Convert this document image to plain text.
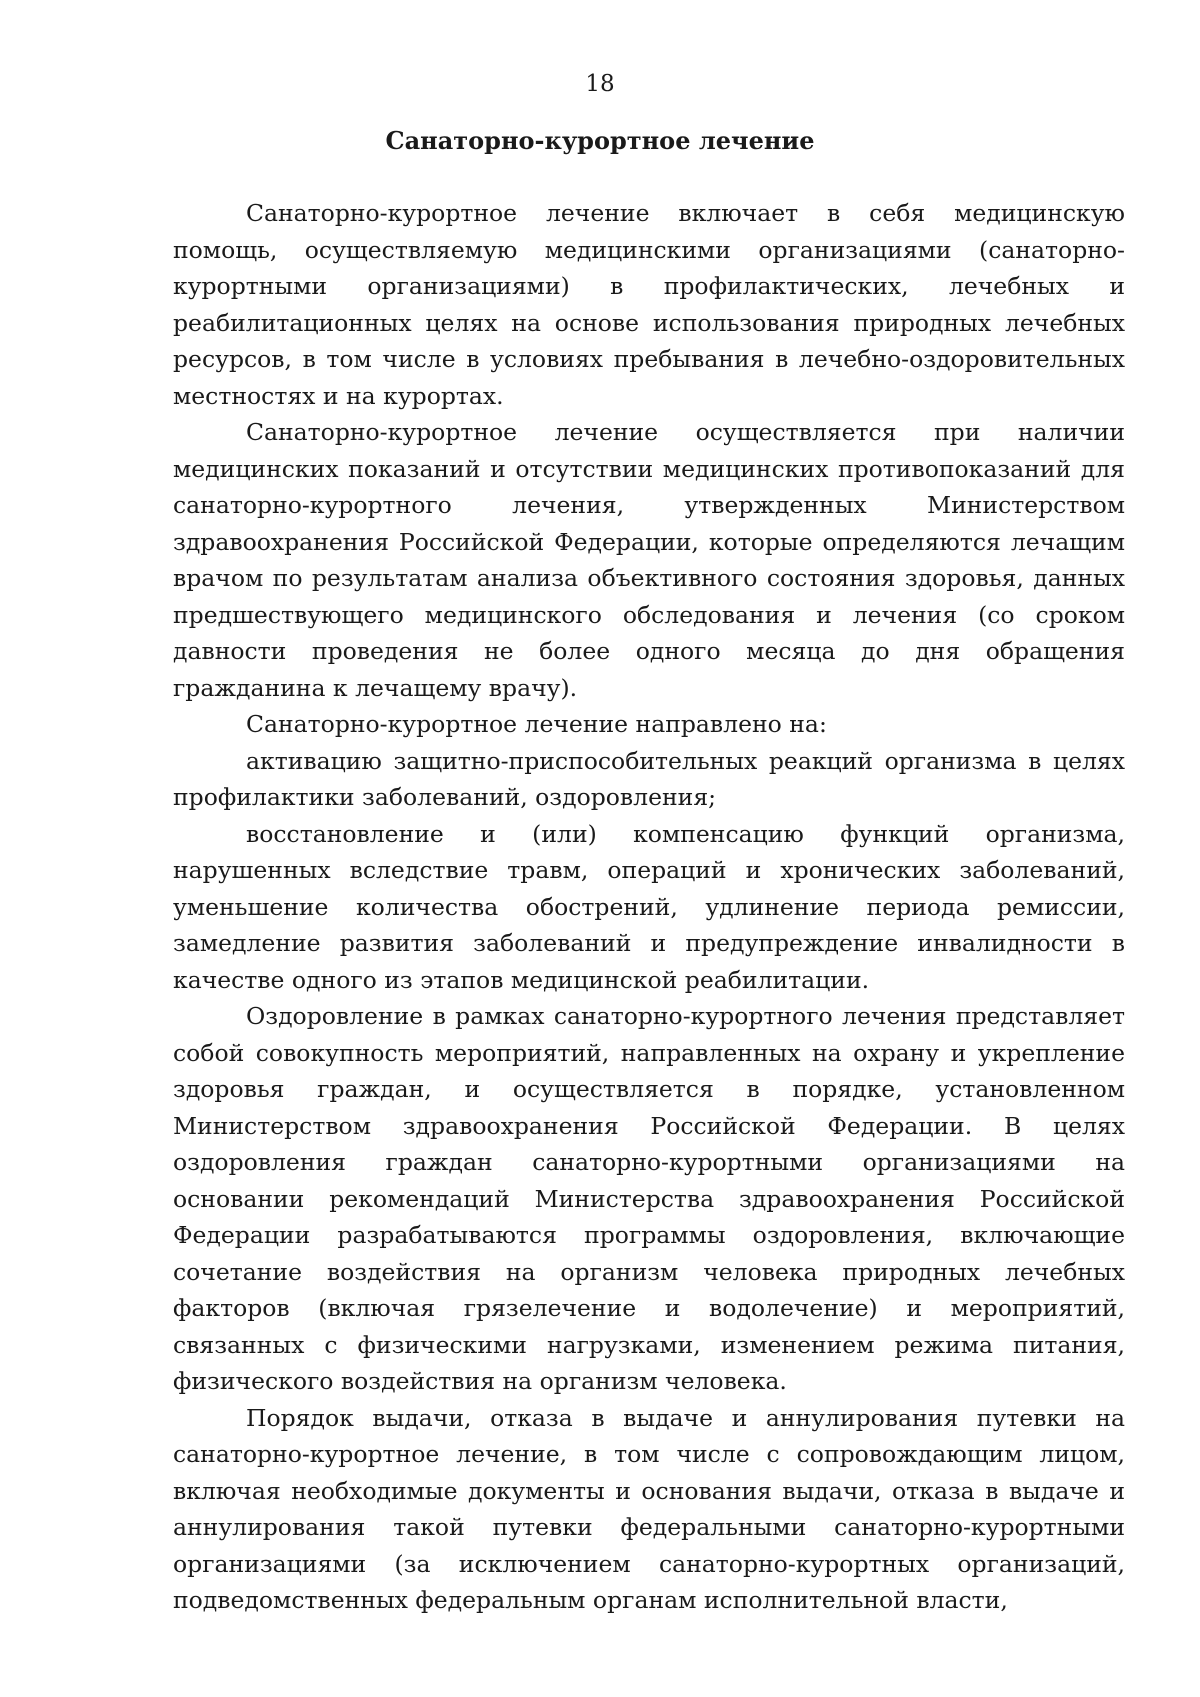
18
Санаторно-курортное лечение

Санаторно-курортное лечение включает в себя медицинскую помощь, осуществляемую медицинскими организациями (санаторно-курортными организациями) в профилактических, лечебных и реабилитационных целях на основе использования природных лечебных ресурсов, в том числе в условиях пребывания в лечебно-оздоровительных местностях и на курортах.

Санаторно-курортное лечение осуществляется при наличии медицинских показаний и отсутствии медицинских противопоказаний для санаторно-курортного лечения, утвержденных Министерством здравоохранения Российской Федерации, которые определяются лечащим врачом по результатам анализа объективного состояния здоровья, данных предшествующего медицинского обследования и лечения (со сроком давности проведения не более одного месяца до дня обращения гражданина к лечащему врачу).

Санаторно-курортное лечение направлено на:

активацию защитно-приспособительных реакций организма в целях профилактики заболеваний, оздоровления;

восстановление и (или) компенсацию функций организма, нарушенных вследствие травм, операций и хронических заболеваний, уменьшение количества обострений, удлинение периода ремиссии, замедление развития заболеваний и предупреждение инвалидности в качестве одного из этапов медицинской реабилитации.

Оздоровление в рамках санаторно-курортного лечения представляет собой совокупность мероприятий, направленных на охрану и укрепление здоровья граждан, и осуществляется в порядке, установленном Министерством здравоохранения Российской Федерации. В целях оздоровления граждан санаторно-курортными организациями на основании рекомендаций Министерства здравоохранения Российской Федерации разрабатываются программы оздоровления, включающие сочетание воздействия на организм человека природных лечебных факторов (включая грязелечение и водолечение) и мероприятий, связанных с физическими нагрузками, изменением режима питания, физического воздействия на организм человека.

Порядок выдачи, отказа в выдаче и аннулирования путевки на санаторно-курортное лечение, в том числе с сопровождающим лицом, включая необходимые документы и основания выдачи, отказа в выдаче и аннулирования такой путевки федеральными санаторно-курортными организациями (за исключением санаторно-курортных организаций, подведомственных федеральным органам исполнительной власти,
